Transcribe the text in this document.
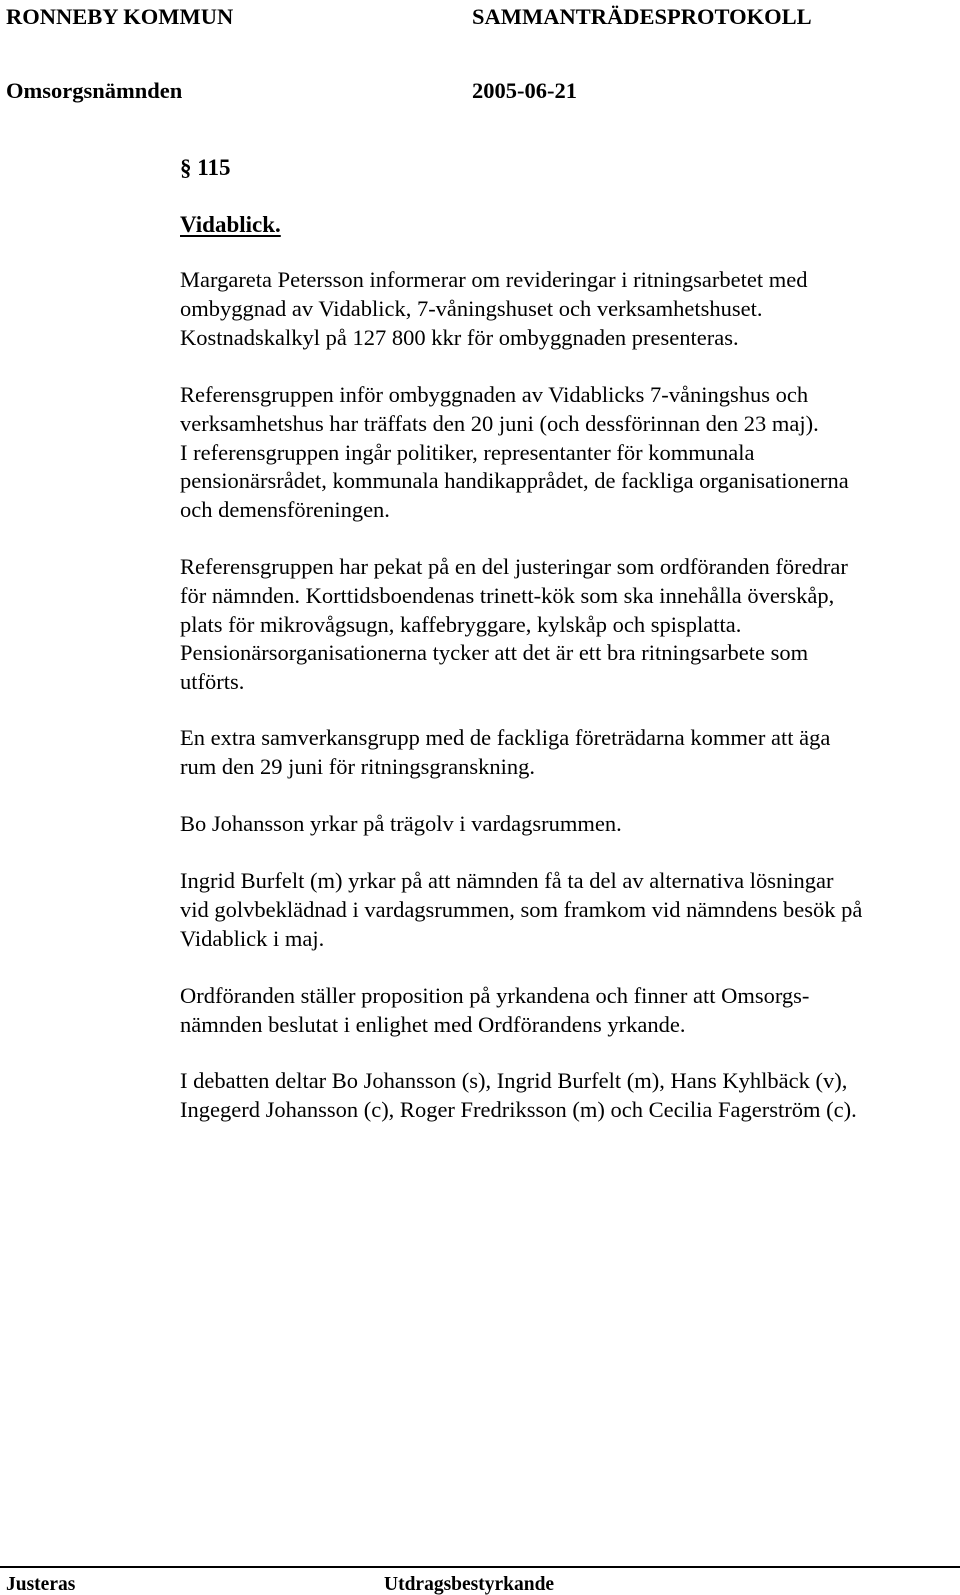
RONNEBY KOMMUN	SAMMANTRÄDESPROTOKOLL
Omsorgsnämnden	2005-06-21
§ 115
Vidablick.

Margareta Petersson informerar om revideringar i ritningsarbetet med
ombyggnad av Vidablick, 7-våningshuset och verksamhetshuset.
Kostnadskalkyl på 127 800 kkr för ombyggnaden presenteras.

Referensgruppen inför ombyggnaden av Vidablicks 7-våningshus och
verksamhetshus har träffats den 20 juni (och dessförinnan den 23 maj).
I referensgruppen ingår politiker, representanter för kommunala
pensionärsrådet, kommunala handikapprådet, de fackliga organisationerna
och demensföreningen.

Referensgruppen har pekat på en del justeringar som ordföranden föredrar
för nämnden. Korttidsboendenas trinett-kök som ska innehålla överskåp,
plats för mikrovågsugn, kaffebryggare, kylskåp och spisplatta.
Pensionärsorganisationerna tycker att det är ett bra ritningsarbete som
utförts.

En extra samverkansgrupp med de fackliga företrädarna kommer att äga
rum den 29 juni för ritningsgranskning.

Bo Johansson yrkar på trägolv i vardagsrummen.

Ingrid Burfelt (m) yrkar på att nämnden få ta del av alternativa lösningar
vid golvbeklädnad i vardagsrummen, som framkom vid nämndens besök på
Vidablick i maj.

Ordföranden ställer proposition på yrkandena och finner att Omsorgs-
nämnden beslutat i enlighet med Ordförandens yrkande.

I debatten deltar Bo Johansson (s), Ingrid Burfelt (m), Hans Kyhlbäck (v),
Ingegerd Johansson (c), Roger Fredriksson (m) och Cecilia Fagerström (c).

Justeras	Utdragsbestyrkande
